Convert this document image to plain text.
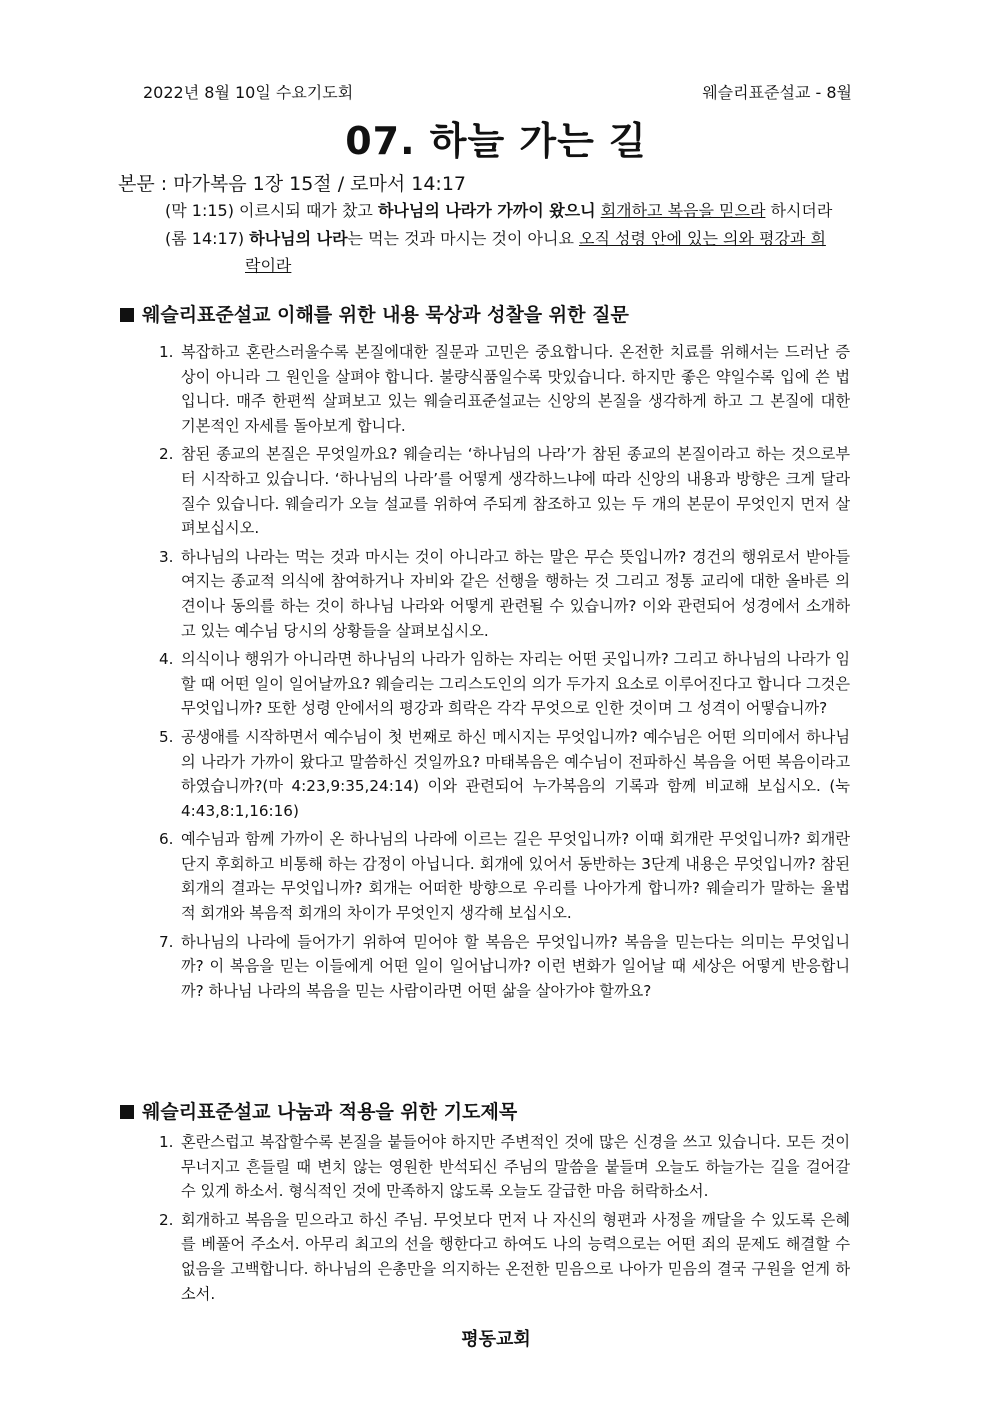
2022년 8월 10일 수요기도회	웨슬리표준설교 - 8월
07. 하늘 가는 길
본문 : 마가복음 1장 15절 / 로마서 14:17
(막 1:15) 이르시되 때가 찼고 하나님의 나라가 가까이 왔으니 회개하고 복음을 믿으라 하시더라
(롬 14:17) 하나님의 나라는 먹는 것과 마시는 것이 아니요 오직 성령 안에 있는 의와 평강과 희
락이라
웨슬리표준설교 이해를 위한 내용 묵상과 성찰을 위한 질문
1. 복잡하고 혼란스러울수록 본질에대한 질문과 고민은 중요합니다. 온전한 치료를 위해서는 드러난 증상이 아니라 그 원인을 살펴야 합니다. 불량식품일수록 맛있습니다. 하지만 좋은 약일수록 입에 쓴 법입니다. 매주 한편씩 살펴보고 있는 웨슬리표준설교는 신앙의 본질을 생각하게 하고 그 본질에 대한 기본적인 자세를 돌아보게 합니다.
2. 참된 종교의 본질은 무엇일까요? 웨슬리는 ‘하나님의 나라’가 참된 종교의 본질이라고 하는 것으로부터 시작하고 있습니다. ‘하나님의 나라’를 어떻게 생각하느냐에 따라 신앙의 내용과 방향은 크게 달라질수 있습니다. 웨슬리가 오늘 설교를 위하여 주되게 참조하고 있는 두 개의 본문이 무엇인지 먼저 살펴보십시오.
3. 하나님의 나라는 먹는 것과 마시는 것이 아니라고 하는 말은 무슨 뜻입니까? 경건의 행위로서 받아들여지는 종교적 의식에 참여하거나 자비와 같은 선행을 행하는 것 그리고 정통 교리에 대한 올바른 의견이나 동의를 하는 것이 하나님 나라와 어떻게 관련될 수 있습니까? 이와 관련되어 성경에서 소개하고 있는 예수님 당시의 상황들을 살펴보십시오.
4. 의식이나 행위가 아니라면 하나님의 나라가 임하는 자리는 어떤 곳입니까? 그리고 하나님의 나라가 임할 때 어떤 일이 일어날까요? 웨슬리는 그리스도인의 의가 두가지 요소로 이루어진다고 합니다 그것은 무엇입니까? 또한 성령 안에서의 평강과 희락은 각각 무엇으로 인한 것이며 그 성격이 어떻습니까?
5. 공생애를 시작하면서 예수님이 첫 번째로 하신 메시지는 무엇입니까? 예수님은 어떤 의미에서 하나님의 나라가 가까이 왔다고 말씀하신 것일까요? 마태복음은 예수님이 전파하신 복음을 어떤 복음이라고 하였습니까?(마 4:23,9:35,24:14) 이와 관련되어 누가복음의 기록과 함께 비교해 보십시오. (눅 4:43,8:1,16:16)
6. 예수님과 함께 가까이 온 하나님의 나라에 이르는 길은 무엇입니까? 이때 회개란 무엇입니까? 회개란 단지 후회하고 비통해 하는 감정이 아닙니다. 회개에 있어서 동반하는 3단계 내용은 무엇입니까? 참된 회개의 결과는 무엇입니까? 회개는 어떠한 방향으로 우리를 나아가게 합니까? 웨슬리가 말하는 율법적 회개와 복음적 회개의 차이가 무엇인지 생각해 보십시오.
7. 하나님의 나라에 들어가기 위하여 믿어야 할 복음은 무엇입니까? 복음을 믿는다는 의미는 무엇입니까? 이 복음을 믿는 이들에게 어떤 일이 일어납니까? 이런 변화가 일어날 때 세상은 어떻게 반응합니까? 하나님 나라의 복음을 믿는 사람이라면 어떤 삶을 살아가야 할까요?
웨슬리표준설교 나눔과 적용을 위한 기도제목
1. 혼란스럽고 복잡할수록 본질을 붙들어야 하지만 주변적인 것에 많은 신경을 쓰고 있습니다. 모든 것이 무너지고 흔들릴 때 변치 않는 영원한 반석되신 주님의 말씀을 붙들며 오늘도 하늘가는 길을 걸어갈 수 있게 하소서. 형식적인 것에 만족하지 않도록 오늘도 갈급한 마음 허락하소서.
2. 회개하고 복음을 믿으라고 하신 주님. 무엇보다 먼저 나 자신의 형편과 사정을 깨달을 수 있도록 은혜를 베풀어 주소서. 아무리 최고의 선을 행한다고 하여도 나의 능력으로는 어떤 죄의 문제도 해결할 수 없음을 고백합니다. 하나님의 은총만을 의지하는 온전한 믿음으로 나아가 믿음의 결국 구원을 얻게 하소서.
평동교회
